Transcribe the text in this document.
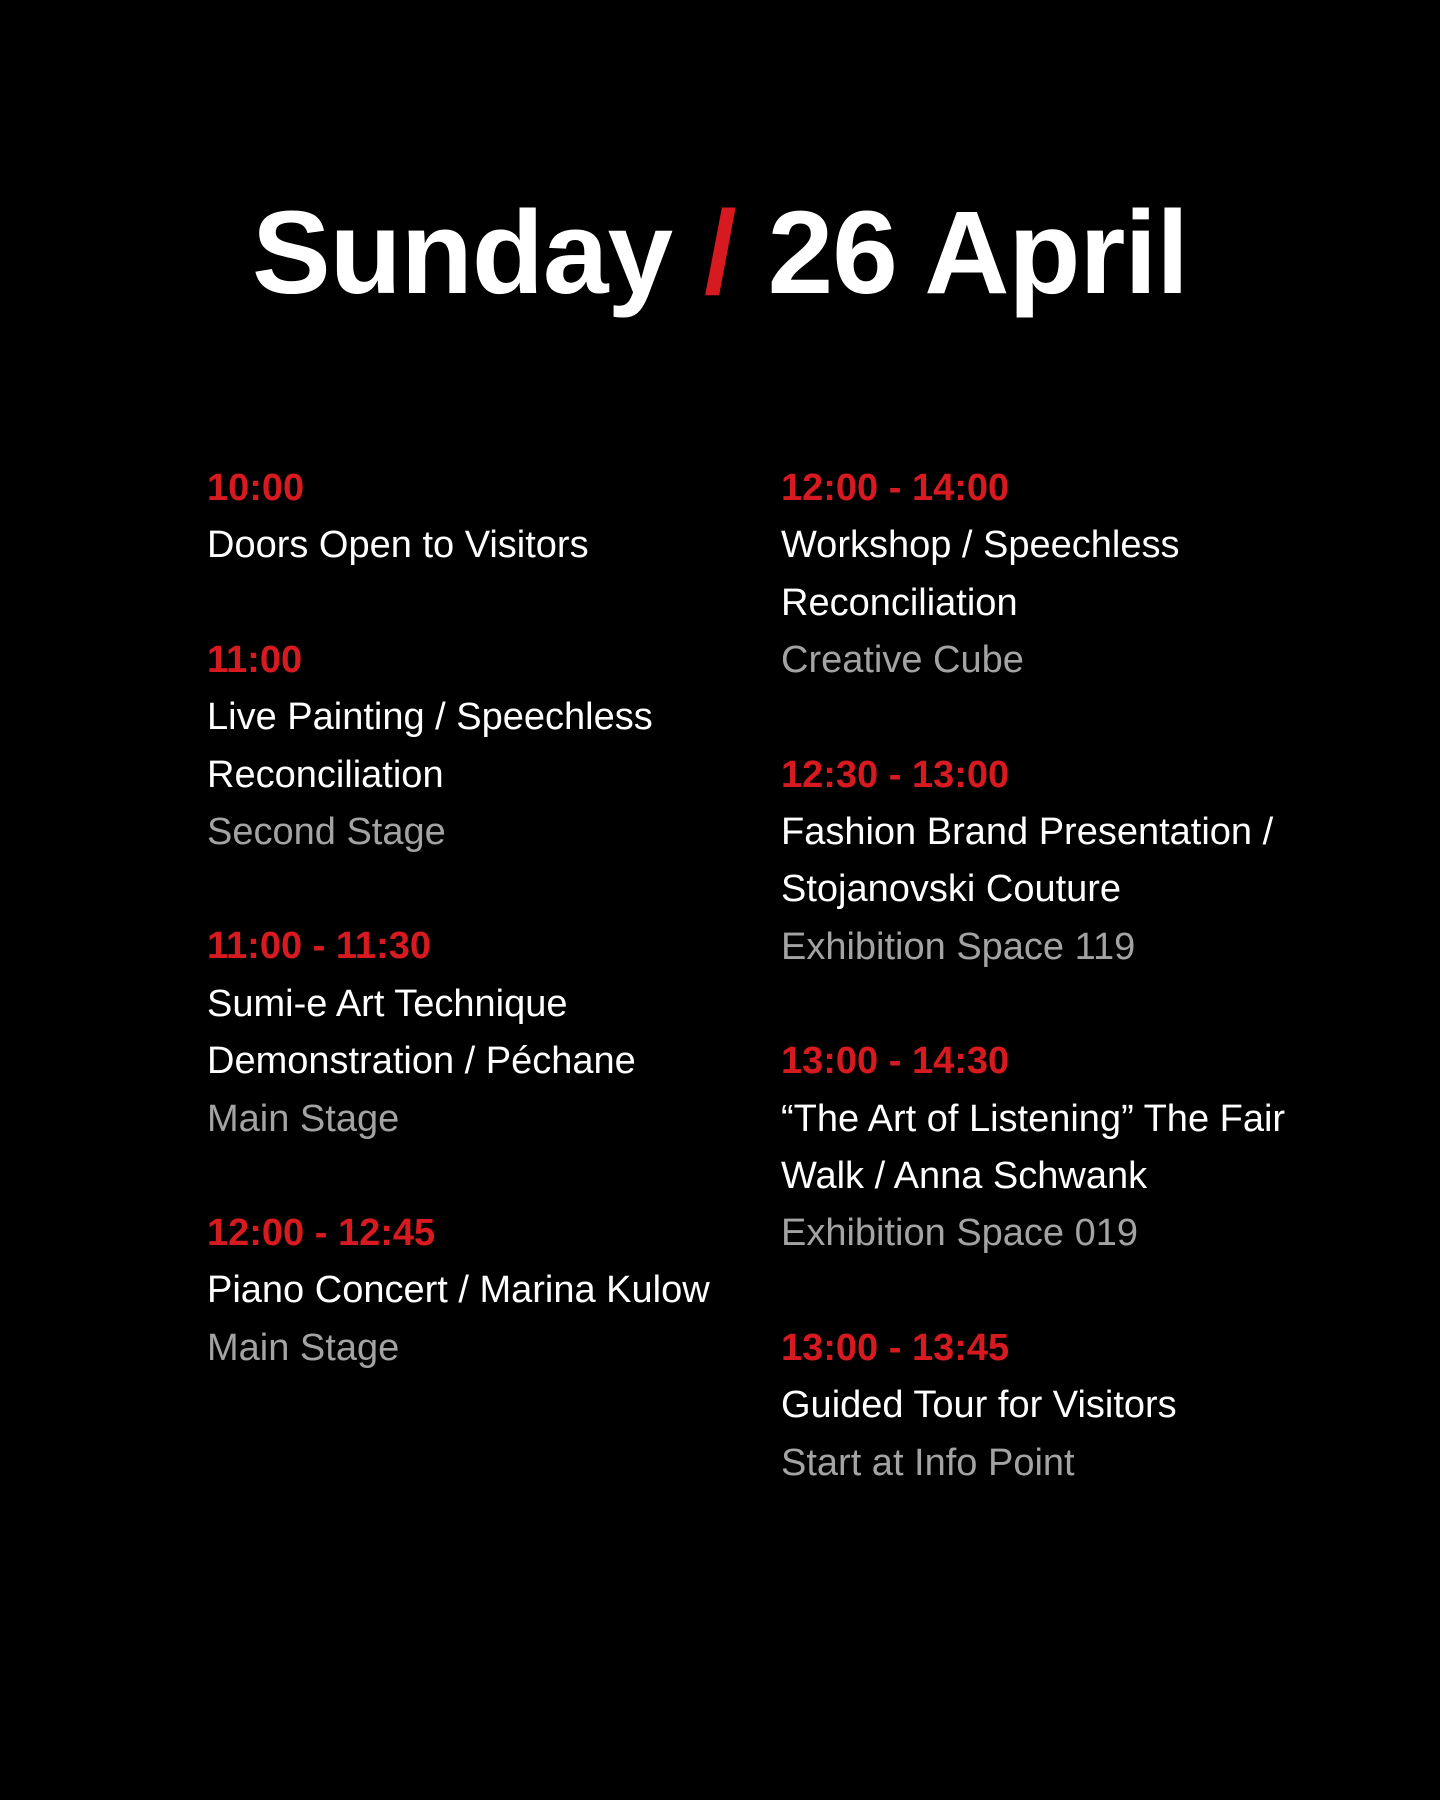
Sunday / 26 April
10:00
Doors Open to Visitors
11:00
Live Painting / Speechless Reconciliation
Second Stage
11:00 - 11:30
Sumi-e Art Technique Demonstration / Péchane
Main Stage
12:00 - 12:45
Piano Concert / Marina Kulow
Main Stage
12:00 - 14:00
Workshop / Speechless Reconciliation
Creative Cube
12:30 - 13:00
Fashion Brand Presentation / Stojanovski Couture
Exhibition Space 119
13:00 - 14:30
“The Art of Listening” The Fair Walk / Anna Schwank
Exhibition Space 019
13:00 - 13:45
Guided Tour for Visitors
Start at Info Point
